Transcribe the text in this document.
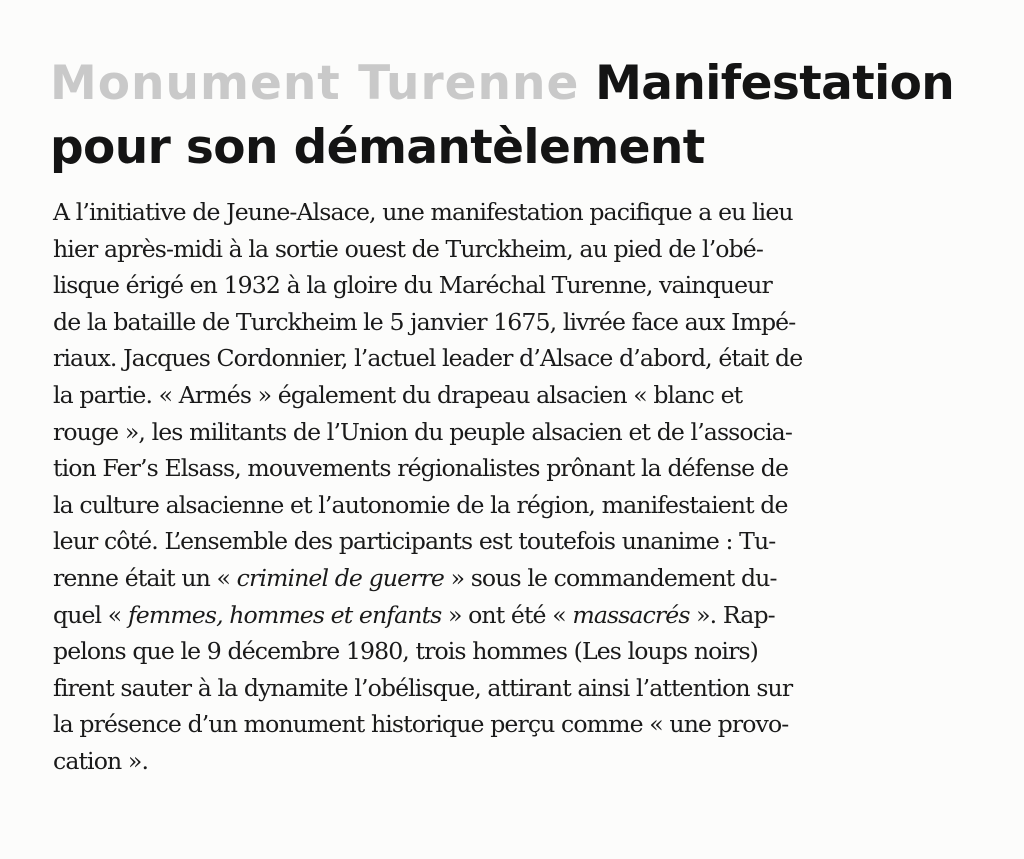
Monument Turenne Manifestation
pour son démantèlement
A l’initiative de Jeune-Alsace, une manifestation pacifique a eu lieu
hier après-midi à la sortie ouest de Turckheim, au pied de l’obé-
lisque érigé en 1932 à la gloire du Maréchal Turenne, vainqueur
de la bataille de Turckheim le 5 janvier 1675, livrée face aux Impé-
riaux. Jacques Cordonnier, l’actuel leader d’Alsace d’abord, était de
la partie. « Armés » également du drapeau alsacien « blanc et
rouge », les militants de l’Union du peuple alsacien et de l’associa-
tion Fer’s Elsass, mouvements régionalistes prônant la défense de
la culture alsacienne et l’autonomie de la région, manifestaient de
leur côté. L’ensemble des participants est toutefois unanime : Tu-
renne était un « criminel de guerre » sous le commandement du-
quel « femmes, hommes et enfants » ont été « massacrés ». Rap-
pelons que le 9 décembre 1980, trois hommes (Les loups noirs)
firent sauter à la dynamite l’obélisque, attirant ainsi l’attention sur
la présence d’un monument historique perçu comme « une provo-
cation ».
